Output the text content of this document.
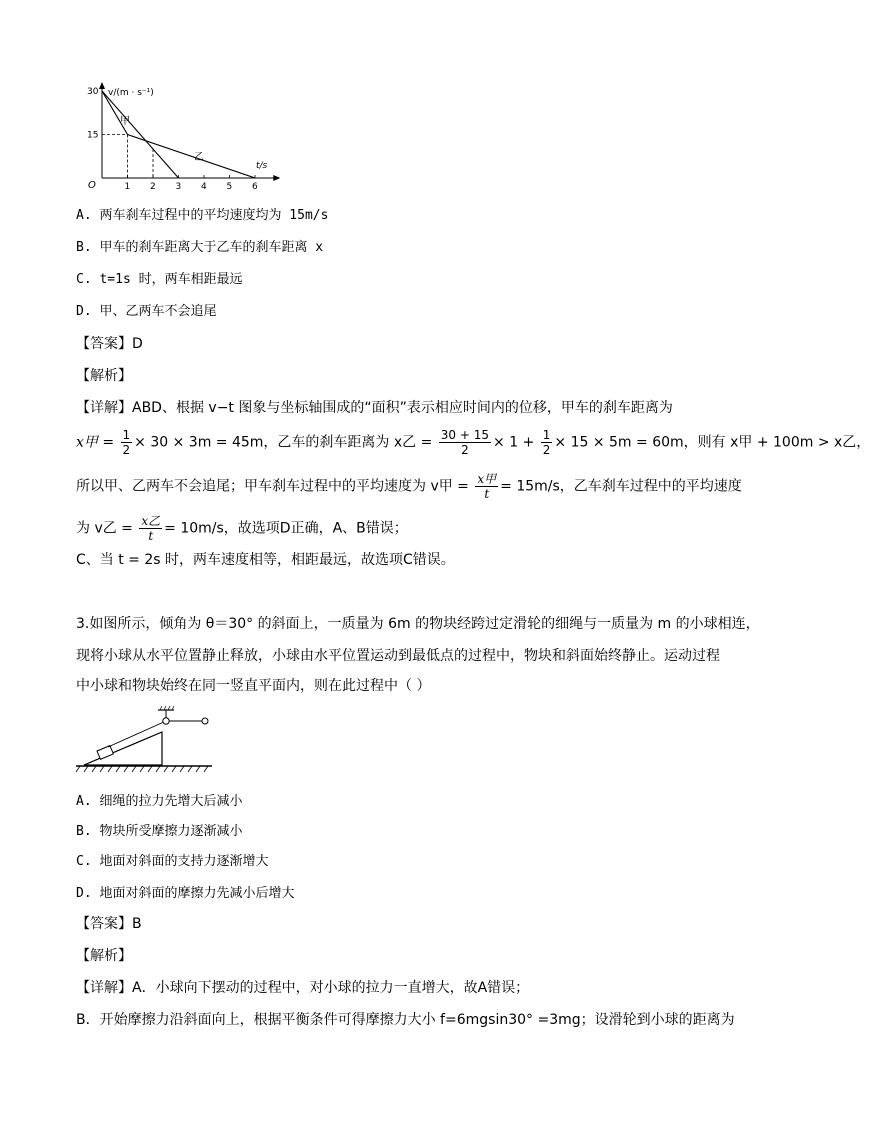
1 2 3 4 5 6
15
30 v/(m · s⁻¹)
t/s
O
甲
乙
A. 两车刹车过程中的平均速度均为 15m/s
B. 甲车的刹车距离大于乙车的刹车距离 x
C. t=1s 时，两车相距最远
D. 甲、乙两车不会追尾
【答案】D
【解析】
【详解】ABD、根据 v−t 图象与坐标轴围成的“面积”表示相应时间内的位移，甲车的刹车距离为
x甲 = $\frac{1}{2} \times 30 \times 3m = 45m$，乙车的刹车距离为 x乙 = $\frac{30 + 15}{2} \times 1 + \frac{1}{2} \times 15 \times 5m = 60m$，则有 x甲 + 100m > x乙，
所以甲、乙两车不会追尾；甲车刹车过程中的平均速度为 v甲 = $\frac{\text{x甲}}{t} = 15m/s$，乙车刹车过程中的平均速度
为 v乙 = $\frac{\text{x乙}}{t} = 10m/s$，故选项D正确，A、B错误；
C、当 t = 2s 时，两车速度相等，相距最远，故选项C错误。
3.如图所示，倾角为 θ＝30° 的斜面上，一质量为 6m 的物块经跨过定滑轮的细绳与一质量为 m 的小球相连，
现将小球从水平位置静止释放，小球由水平位置运动到最低点的过程中，物块和斜面始终静止。运动过程
中小球和物块始终在同一竖直平面内，则在此过程中（ ）
A. 细绳的拉力先增大后减小
B. 物块所受摩擦力逐渐减小
C. 地面对斜面的支持力逐渐增大
D. 地面对斜面的摩擦力先减小后增大
【答案】B
【解析】
【详解】A．小球向下摆动的过程中，对小球的拉力一直增大，故A错误；
B．开始摩擦力沿斜面向上，根据平衡条件可得摩擦力大小 f=6mgsin30° =3mg；设滑轮到小球的距离为
